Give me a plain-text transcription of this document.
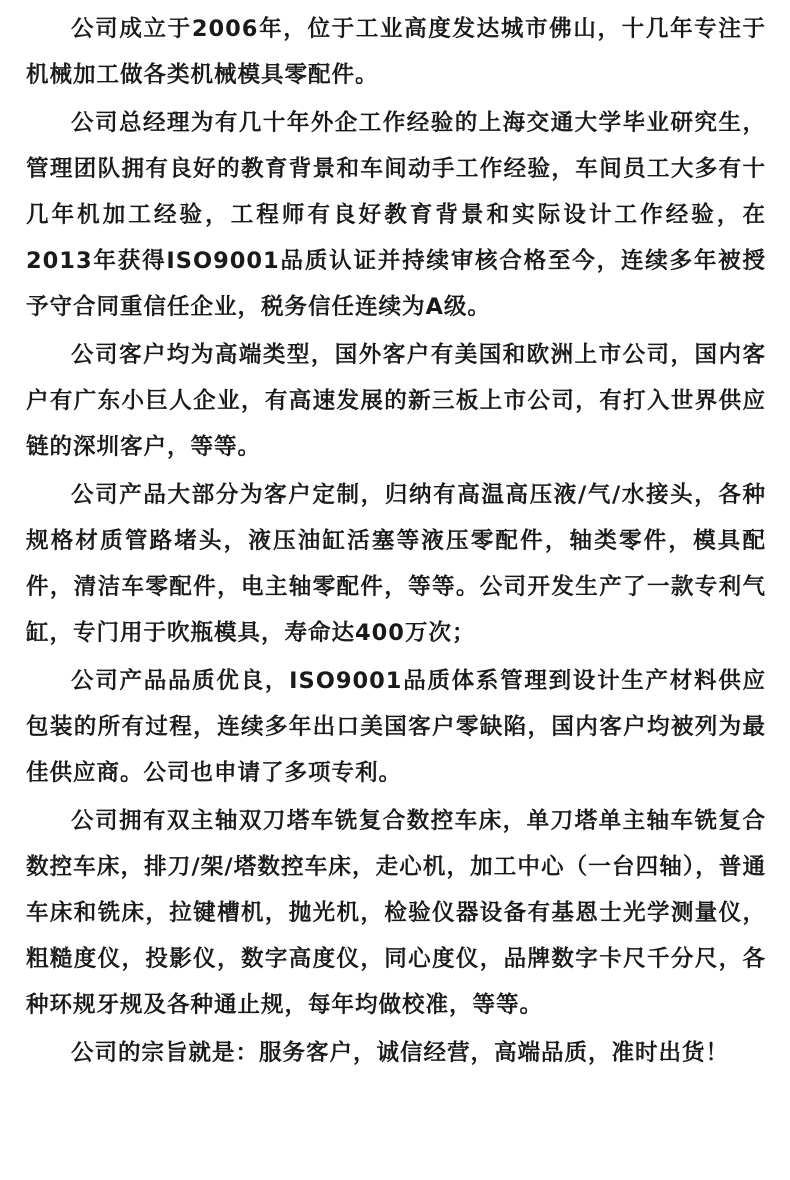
公司成立于2006年，位于工业高度发达城市佛山，十几年专注于机械加工做各类机械模具零配件。

公司总经理为有几十年外企工作经验的上海交通大学毕业研究生，管理团队拥有良好的教育背景和车间动手工作经验，车间员工大多有十几年机加工经验，工程师有良好教育背景和实际设计工作经验，在2013年获得ISO9001品质认证并持续审核合格至今，连续多年被授予守合同重信任企业，税务信任连续为A级。

公司客户均为高端类型，国外客户有美国和欧洲上市公司，国内客户有广东小巨人企业，有高速发展的新三板上市公司，有打入世界供应链的深圳客户，等等。

公司产品大部分为客户定制，归纳有高温高压液/气/水接头，各种规格材质管路堵头，液压油缸活塞等液压零配件，轴类零件，模具配件，清洁车零配件，电主轴零配件，等等。公司开发生产了一款专利气缸，专门用于吹瓶模具，寿命达400万次；

公司产品品质优良，ISO9001品质体系管理到设计生产材料供应包装的所有过程，连续多年出口美国客户零缺陷，国内客户均被列为最佳供应商。公司也申请了多项专利。

公司拥有双主轴双刀塔车铣复合数控车床，单刀塔单主轴车铣复合数控车床，排刀/架/塔数控车床，走心机，加工中心（一台四轴），普通车床和铣床，拉键槽机，抛光机，检验仪器设备有基恩士光学测量仪，粗糙度仪，投影仪，数字高度仪，同心度仪，品牌数字卡尺千分尺，各种环规牙规及各种通止规，每年均做校准，等等。

公司的宗旨就是：服务客户，诚信经营，高端品质，准时出货！
